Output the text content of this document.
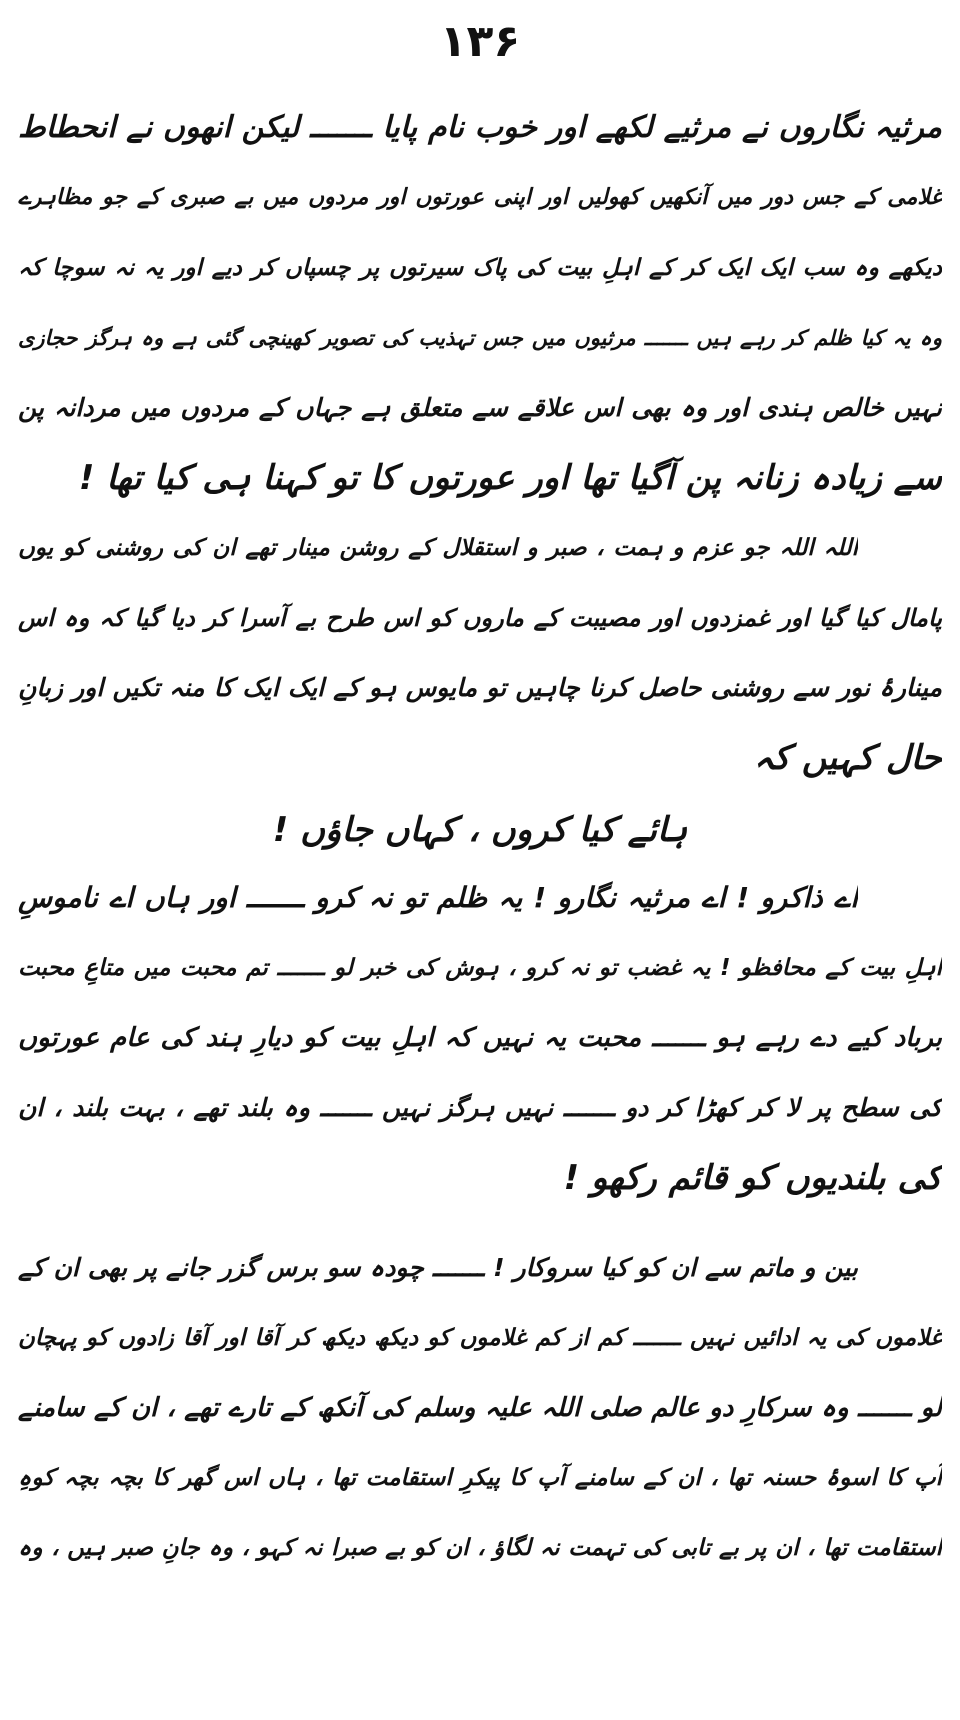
۱۳۶
مرثیہ نگاروں نے مرثیے لکھے اور خوب نام پایا ـــــــ لیکن انھوں نے انحطاط
غلامی کے جس دور میں آنکھیں کھولیں اور اپنی عورتوں اور مردوں میں بے صبری کے جو مظاہرے
دیکھے وہ سب ایک ایک کر کے اہلِ بیت کی پاک سیرتوں پر چسپاں کر دیے اور یہ نہ سوچا کہ
وہ یہ کیا ظلم کر رہے ہیں ـــــــ مرثیوں میں جس تہذیب کی تصویر کھینچی گئی ہے وہ ہرگز حجازی
نہیں خالص ہندی اور وہ بھی اس علاقے سے متعلق ہے جہاں کے مردوں میں مردانہ پن
سے زیادہ زنانہ پن آگیا تھا اور عورتوں کا تو کہنا ہی کیا تھا !
اللہ اللہ جو عزم و ہمت ، صبر و استقلال کے روشن مینار تھے ان کی روشنی کو یوں
پامال کیا گیا اور غمزدوں اور مصیبت کے ماروں کو اس طرح بے آسرا کر دیا گیا کہ وہ اس
مینارۂ نور سے روشنی حاصل کرنا چاہیں تو مایوس ہو کے ایک ایک کا منہ تکیں اور زبانِ
حال کہیں کہ
ہائے کیا کروں ، کہاں جاؤں !
اے ذاکرو ! اے مرثیہ نگارو ! یہ ظلم تو نہ کرو ـــــــ اور ہاں اے ناموسِ
اہلِ بیت کے محافظو ! یہ غضب تو نہ کرو ، ہوش کی خبر لو ـــــــ تم محبت میں متاعِ محبت
برباد کیے دے رہے ہو ـــــــ محبت یہ نہیں کہ اہلِ بیت کو دیارِ ہند کی عام عورتوں
کی سطح پر لا کر کھڑا کر دو ـــــــ نہیں ہرگز نہیں ـــــــ وہ بلند تھے ، بہت بلند ، ان
کی بلندیوں کو قائم رکھو !
بین و ماتم سے ان کو کیا سروکار ! ـــــــ چودہ سو برس گزر جانے پر بھی ان کے
غلاموں کی یہ ادائیں نہیں ـــــــ کم از کم غلاموں کو دیکھ دیکھ کر آقا اور آقا زادوں کو پہچان
لو ـــــــ وہ سرکارِ دو عالم صلی اللہ علیہ وسلم کی آنکھ کے تارے تھے ، ان کے سامنے
آپ کا اسوۂ حسنہ تھا ، ان کے سامنے آپ کا پیکرِ استقامت تھا ، ہاں اس گھر کا بچہ بچہ کوہِ
استقامت تھا ، ان پر بے تابی کی تہمت نہ لگاؤ ، ان کو بے صبرا نہ کہو ، وہ جانِ صبر ہیں ، وہ
